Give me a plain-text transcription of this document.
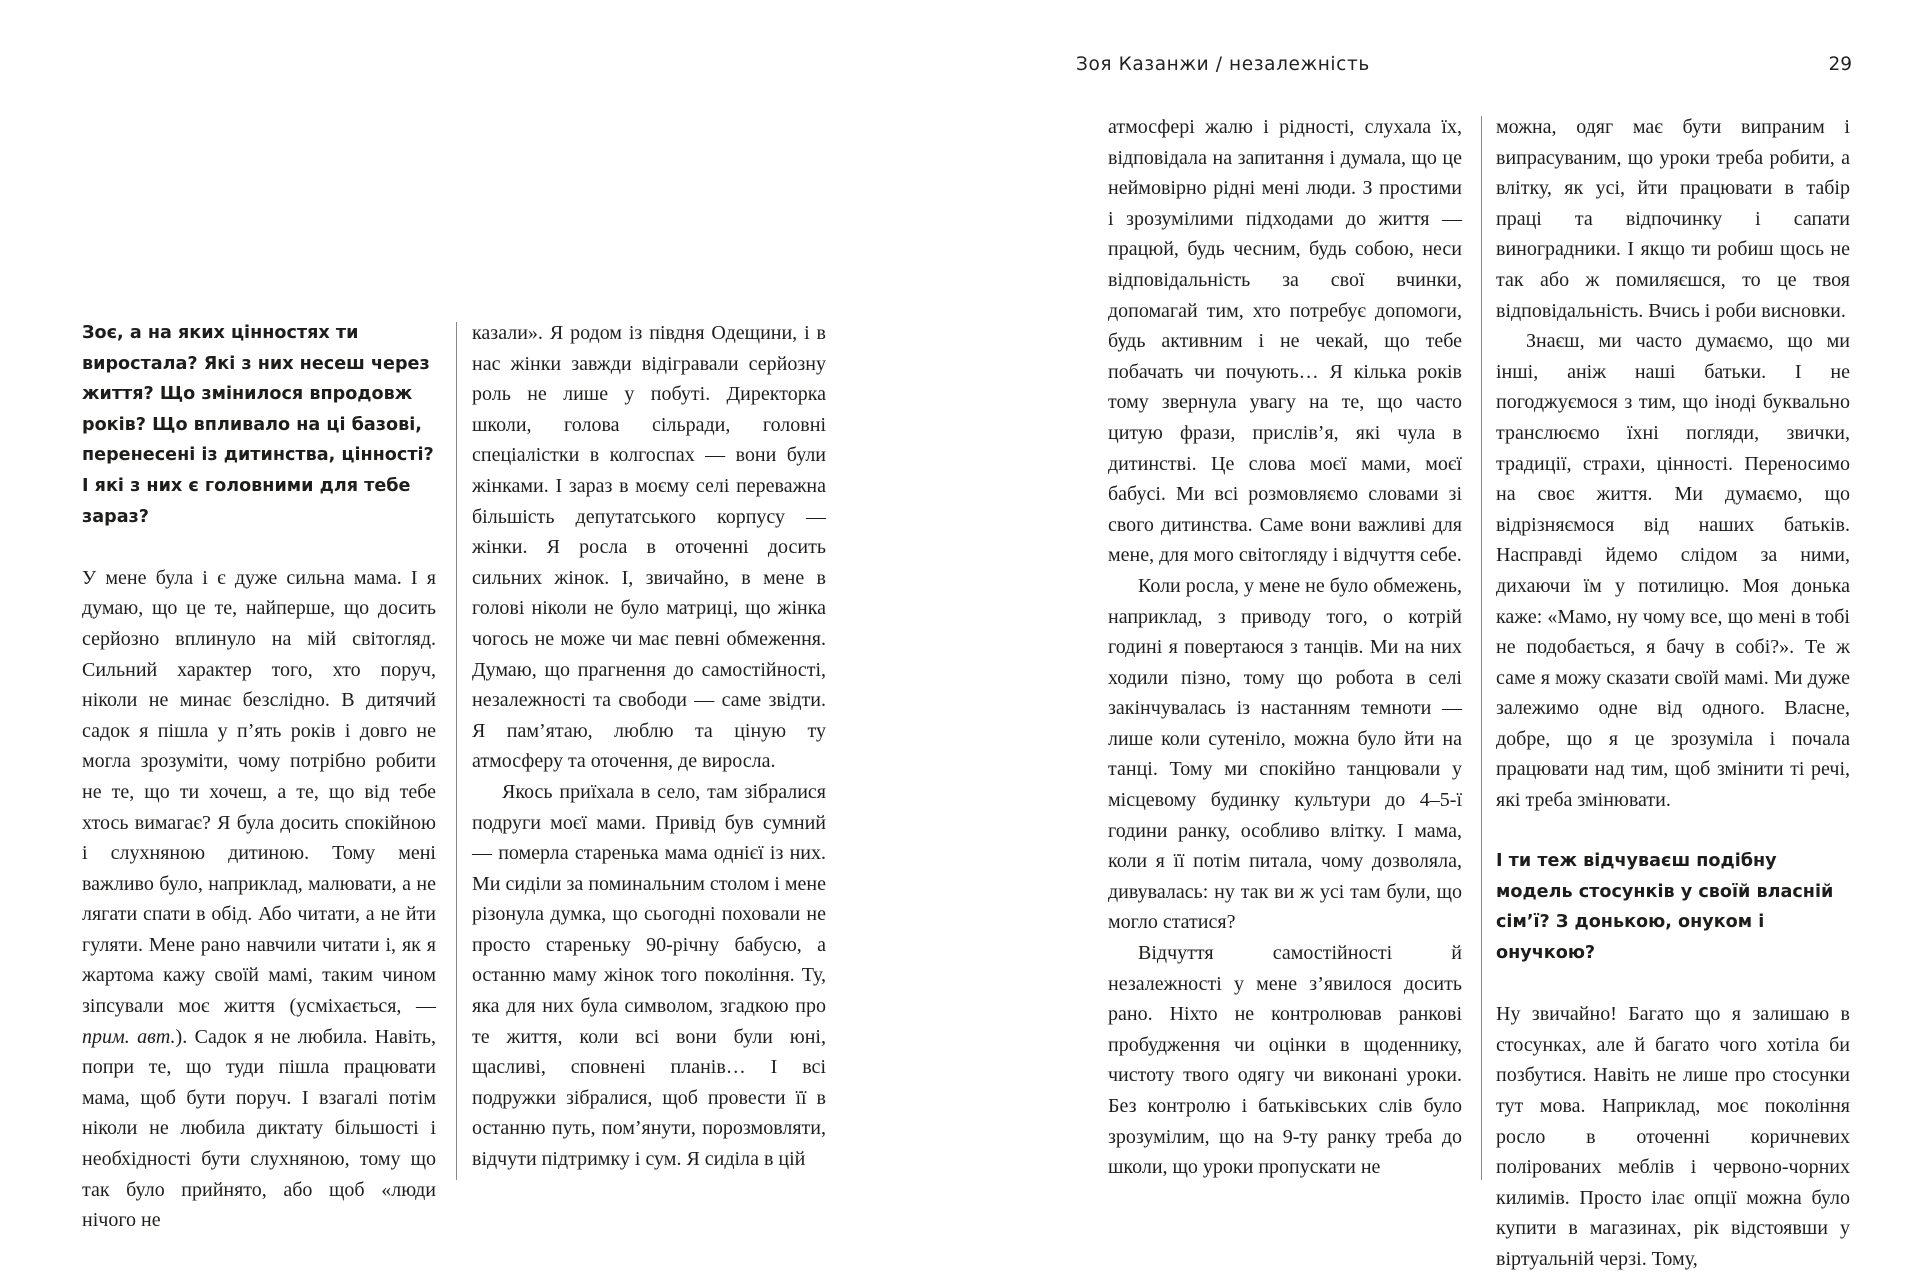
Зоя Казанжи / незалежність	29

Зоє, а на яких цінностях ти виростала? Які з них несеш через життя? Що змінилося впродовж років? Що впливало на ці базові, перенесені із дитинства, цінності? І які з них є головними для тебе зараз?

У мене була і є дуже сильна мама. І я думаю, що це те, найперше, що досить серйозно вплинуло на мій світогляд. Сильний характер того, хто поруч, ніколи не минає безслідно. В дитячий садок я пішла у п’ять років і довго не могла зрозуміти, чому потрібно робити не те, що ти хочеш, а те, що від тебе хтось вимагає? Я була досить спокійною і слухняною дитиною. Тому мені важливо було, наприклад, малювати, а не лягати спати в обід. Або читати, а не йти гуляти. Мене рано навчили читати і, як я жартома кажу своїй мамі, таким чином зіпсували моє життя (усміхається, — прим. авт.). Садок я не любила. Навіть, попри те, що туди пішла працювати мама, щоб бути поруч. І взагалі потім ніколи не любила диктату більшості і необхідності бути слухняною, тому що так було прийнято, або щоб «люди нічого не

казали». Я родом із півдня Одещини, і в нас жінки завжди відігравали серйозну роль не лише у побуті. Директорка школи, голова сільради, головні спеціалістки в колгоспах — вони були жінками. І зараз в моєму селі переважна більшість депутатського корпусу — жінки. Я росла в оточенні досить сильних жінок. І, звичайно, в мене в голові ніколи не було матриці, що жінка чогось не може чи має певні обмеження. Думаю, що прагнення до самостійності, незалежності та свободи — саме звідти. Я пам’ятаю, люблю та ціную ту атмосферу та оточення, де виросла.

Якось приїхала в село, там зібралися подруги моєї мами. Привід був сумний — померла старенька мама однієї із них. Ми сиділи за поминальним столом і мене різонула думка, що сьогодні поховали не просто стареньку 90-річну бабусю, а останню маму жінок того покоління. Ту, яка для них була символом, згадкою про те життя, коли всі вони були юні, щасливі, сповнені планів… І всі подружки зібралися, щоб провести її в останню путь, пом’янути, порозмовляти, відчути підтримку і сум. Я сиділа в цій

атмосфері жалю і рідності, слухала їх, відповідала на запитання і думала, що це неймовірно рідні мені люди. З простими і зрозумілими підходами до життя — працюй, будь чесним, будь собою, неси відповідальність за свої вчинки, допомагай тим, хто потребує допомоги, будь активним і не чекай, що тебе побачать чи почують… Я кілька років тому звернула увагу на те, що часто цитую фрази, прислів’я, які чула в дитинстві. Це слова моєї мами, моєї бабусі. Ми всі розмовляємо словами зі свого дитинства. Саме вони важливі для мене, для мого світогляду і відчуття себе.

Коли росла, у мене не було обмежень, наприклад, з приводу того, о котрій годині я повертаюся з танців. Ми на них ходили пізно, тому що робота в селі закінчувалась із настанням темноти — лише коли сутеніло, можна було йти на танці. Тому ми спокійно танцювали у місцевому будинку культури до 4–5-ї години ранку, особливо влітку. І мама, коли я її потім питала, чому дозволяла, дивувалась: ну так ви ж усі там були, що могло статися?

Відчуття самостійності й незалежності у мене з’явилося досить рано. Ніхто не контролював ранкові пробудження чи оцінки в щоденнику, чистоту твого одягу чи виконані уроки. Без контролю і батьківських слів було зрозумілим, що на 9-ту ранку треба до школи, що уроки пропускати не

можна, одяг має бути випраним і випрасуваним, що уроки треба робити, а влітку, як усі, йти працювати в табір праці та відпочинку і сапати виноградники. І якщо ти робиш щось не так або ж помиляєшся, то це твоя відповідальність. Вчись і роби висновки.

Знаєш, ми часто думаємо, що ми інші, аніж наші батьки. І не погоджуємося з тим, що іноді буквально транслюємо їхні погляди, звички, традиції, страхи, цінності. Переносимо на своє життя. Ми думаємо, що відрізняємося від наших батьків. Насправді йдемо слідом за ними, дихаючи їм у потилицю. Моя донька каже: «Мамо, ну чому все, що мені в тобі не подобається, я бачу в собі?». Те ж саме я можу сказати своїй мамі. Ми дуже залежимо одне від одного. Власне, добре, що я це зрозуміла і почала працювати над тим, щоб змінити ті речі, які треба змінювати.

І ти теж відчуваєш подібну модель стосунків у своїй власній сім’ї? З донькою, онуком і онучкою?

Ну звичайно! Багато що я залишаю в стосунках, але й багато чого хотіла би позбутися. Навіть не лише про стосунки тут мова. Наприклад, моє покоління росло в оточенні коричневих полірованих меблів і червоно-чорних килимів. Просто ілає опції можна було купити в магазинах, рік відстоявши у віртуальній черзі. Тому,
